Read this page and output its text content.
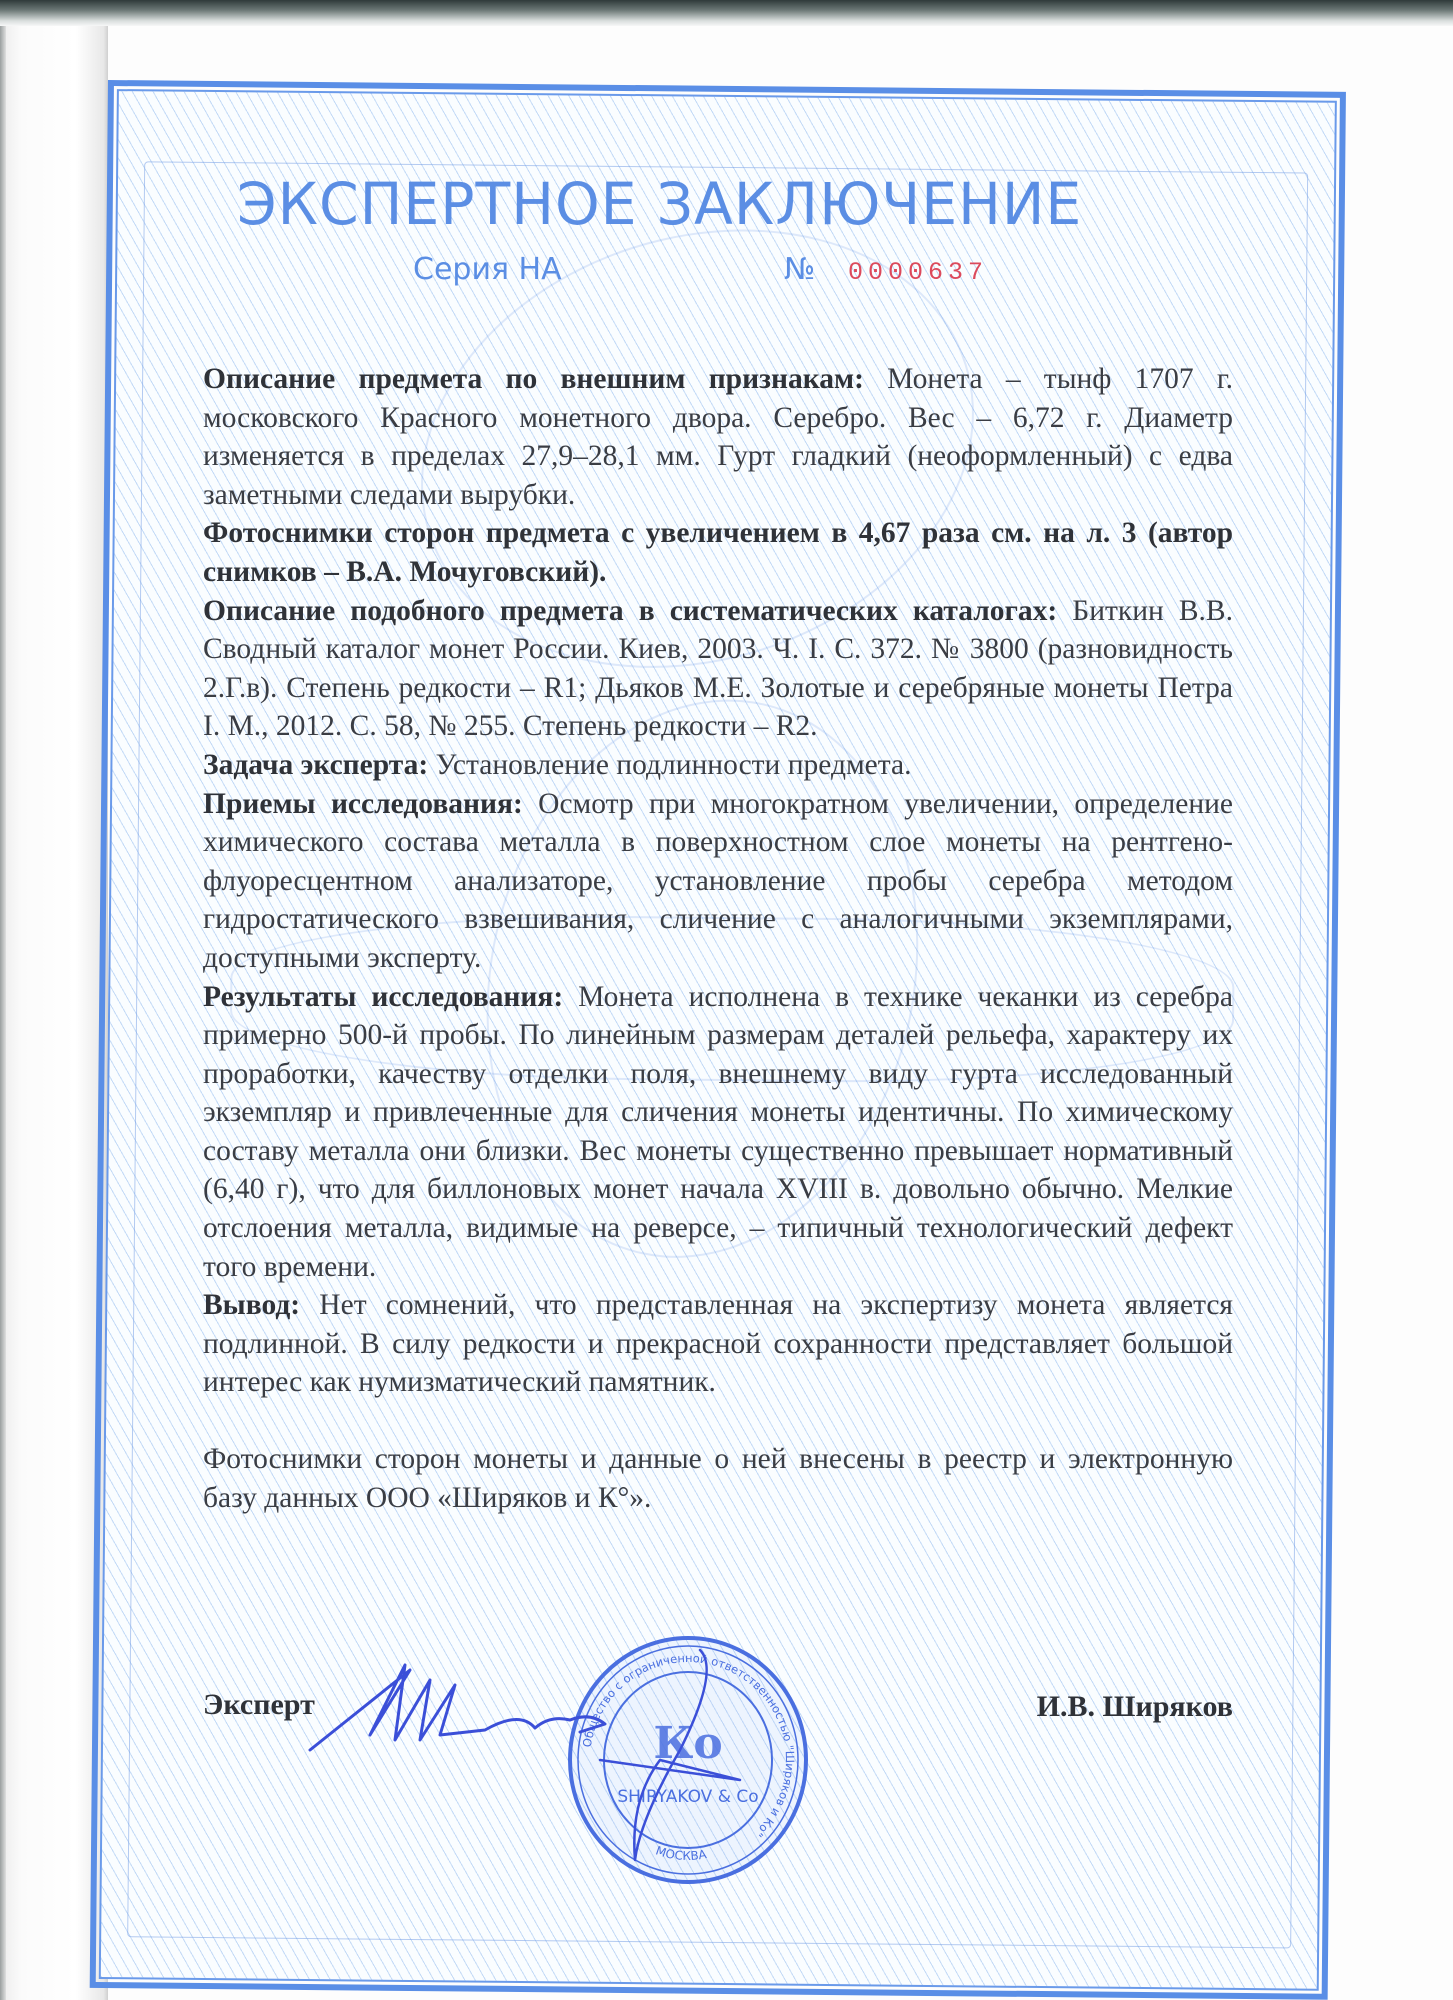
ЭКСПЕРТНОЕ ЗАКЛЮЧЕНИЕ
Серия НА	№ 0000637

Описание предмета по внешним признакам: Монета – тынф 1707 г. московского Красного монетного двора. Серебро. Вес – 6,72 г. Диаметр изменяется в пределах 27,9–28,1 мм. Гурт гладкий (неоформленный) с едва заметными следами вырубки.

Фотоснимки сторон предмета с увеличением в 4,67 раза см. на л. 3 (автор снимков – В.А. Мочуговский).

Описание подобного предмета в систематических каталогах: Биткин В.В. Сводный каталог монет России. Киев, 2003. Ч. I. С. 372. № 3800 (разновидность 2.Г.в). Степень редкости – R1; Дьяков М.Е. Золотые и серебряные монеты Петра I. М., 2012. С. 58, № 255. Степень редкости – R2.

Задача эксперта: Установление подлинности предмета.

Приемы исследования: Осмотр при многократном увеличении, определение химического состава металла в поверхностном слое монеты на рентгено-флуоресцентном анализаторе, установление пробы серебра методом гидростатического взвешивания, сличение с аналогичными экземплярами, доступными эксперту.

Результаты исследования: Монета исполнена в технике чеканки из серебра примерно 500-й пробы. По линейным размерам деталей рельефа, характеру их проработки, качеству отделки поля, внешнему виду гурта исследованный экземпляр и привлеченные для сличения монеты идентичны. По химическому составу металла они близки. Вес монеты существенно превышает нормативный (6,40 г), что для биллоновых монет начала XVIII в. довольно обычно. Мелкие отслоения металла, видимые на реверсе, – типичный технологический дефект того времени.

Вывод: Нет сомнений, что представленная на экспертизу монета является подлинной. В силу редкости и прекрасной сохранности представляет большой интерес как нумизматический памятник.

Фотоснимки сторон монеты и данные о ней внесены в реестр и электронную базу данных ООО «Ширяков и К°».

Эксперт	И.В. Ширяков
Общество с ограниченной ответственностью "Ширяков и Ко"
МОСКВА
Ко
SHIRYAKOV & Co
